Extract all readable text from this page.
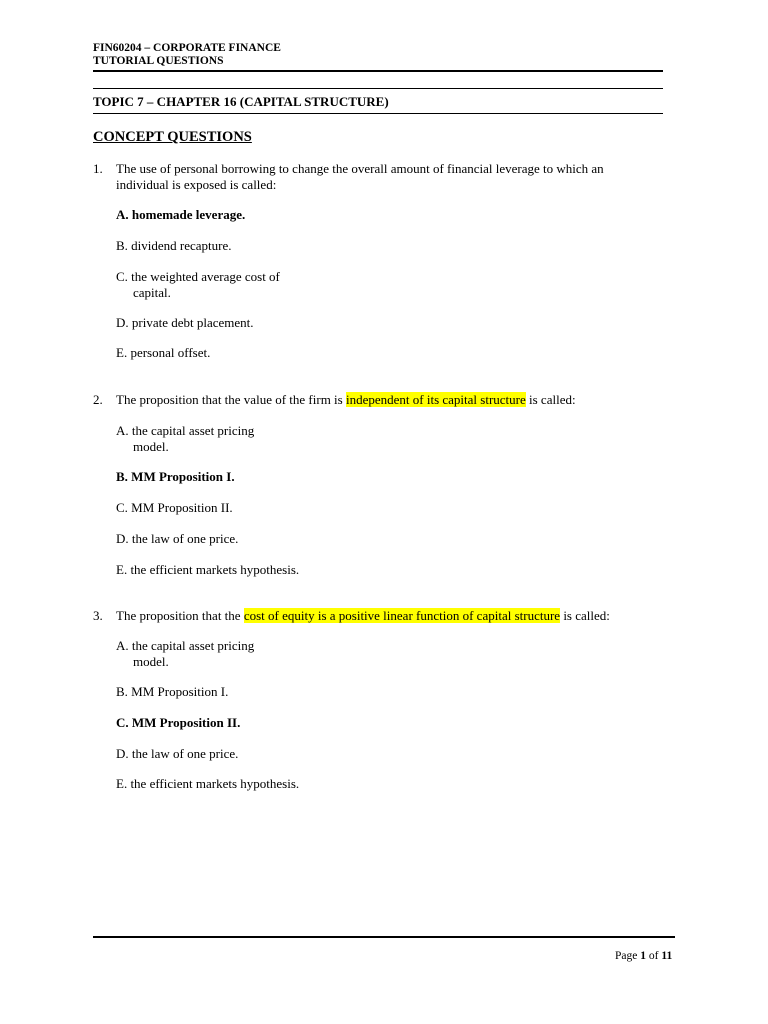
FIN60204 – CORPORATE FINANCE
TUTORIAL QUESTIONS
TOPIC 7 – CHAPTER 16 (CAPITAL STRUCTURE)
CONCEPT QUESTIONS
1. The use of personal borrowing to change the overall amount of financial leverage to which an
individual is exposed is called:
A. homemade leverage.
B. dividend recapture.
C. the weighted average cost of
capital.
D. private debt placement.
E. personal offset.
2. The proposition that the value of the firm is independent of its capital structure is called:
A. the capital asset pricing
model.
B. MM Proposition I.
C. MM Proposition II.
D. the law of one price.
E. the efficient markets hypothesis.
3. The proposition that the cost of equity is a positive linear function of capital structure is called:
A. the capital asset pricing
model.
B. MM Proposition I.
C. MM Proposition II.
D. the law of one price.
E. the efficient markets hypothesis.
Page 1 of 11
